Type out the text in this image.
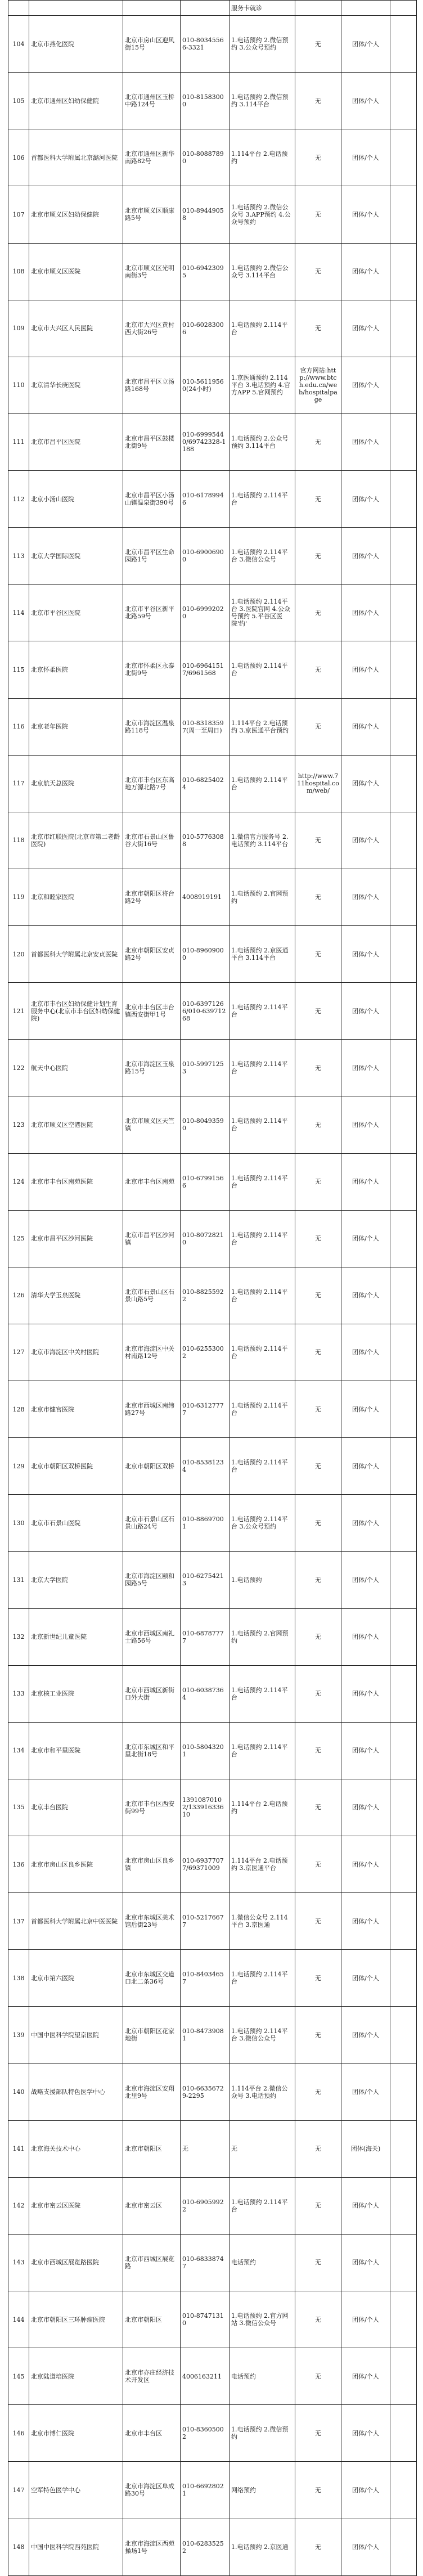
				服务卡就诊			
104	北京市燕化医院	北京市房山区迎风街15号	010-80345566-3321	1.电话预约 2.微信预约 3.公众号预约	无	团体/个人	
105	北京市通州区妇幼保健院	北京市通州区玉桥中路124号	010-81583000	1.电话预约 2.微信预约 3.114平台	无	团体/个人	
106	首都医科大学附属北京潞河医院	北京市通州区新华南路82号	010-80887890	1.114平台 2.电话预约	无	团体/个人	
107	北京市顺义区妇幼保健院	北京市顺义区顺康路5号	010-89449058	1.电话预约 2.微信公众号 3.APP预约 4.公众号预约	无	团体/个人	
108	北京市顺义区医院	北京市顺义区光明南街3号	010-69423095	1.电话预约 2.微信公众号 3.114平台	无	团体/个人	
109	北京市大兴区人民医院	北京市大兴区黄村西大街26号	010-60283006	1.电话预约 2.114平台	无	团体/个人	
110	北京清华长庚医院	北京市昌平区立汤路168号	010-56119560(24小时)	1.京医通预约 2.114平台 3.电话预约 4.官方APP 5.官网预约	官方网站:http://www.btch.edu.cn/web/hospitalpage	团体/个人	
111	北京市昌平区医院	北京市昌平区鼓楼北街9号	010-69995440/69742328-1188	1.电话预约 2.公众号预约 3.114平台	无	团体/个人	
112	北京小汤山医院	北京市昌平区小汤山镇温泉街390号	010-61789946	1.电话预约 2.114平台	无	团体/个人	
113	北京大学国际医院	北京市昌平区生命园路1号	010-69006900	1.电话预约 2.114平台 3.微信公众号	无	团体/个人	
114	北京市平谷区医院	北京市平谷区新平北路59号	010-69992020	1.电话预约 2.114平台 3.医院官网 4.公众号预约 5.平谷区医院'约'	无	团体/个人	
115	北京怀柔医院	北京市怀柔区永泰北街9号	010-69641517/6961568	1.电话预约 2.114平台	无	团体/个人	
116	北京老年医院	北京市海淀区温泉路118号	010-83183597(周一至周日)	1.114平台 2.电话预约 3.京医通平台预约	无	团体/个人	
117	北京航天总医院	北京市丰台区东高地万源北路7号	010-68254024	1.电话预约 2.114平台	http://www.711hospital.com/web/	团体/个人	
118	北京市红联医院(北京市第二老龄医院)	北京市石景山区鲁谷大街16号	010-57763088	1.微信官方服务号 2.电话预约 3.114平台	无	团体/个人	
119	北京和睦家医院	北京市朝阳区将台路2号	4008919191	1.电话预约 2.官网预约	无	团体/个人	
120	首都医科大学附属北京安贞医院	北京市朝阳区安贞路2号	010-89609000	1.电话预约 2.京医通平台 3.114平台	无	团体/个人	
121	北京市丰台区妇幼保健计划生育服务中心(北京市丰台区妇幼保健院)	北京市丰台区丰台镇西安街甲1号	010-63971266/010-63971268	1.电话预约 2.114平台	无	团体/个人	
122	航天中心医院	北京市海淀区玉泉路15号	010-59971253	1.电话预约 2.114平台	无	团体/个人	
123	北京市顺义区空港医院	北京市顺义区天竺镇	010-80493590	1.电话预约 2.114平台	无	团体/个人	
124	北京市丰台区南苑医院	北京市丰台区南苑	010-67991566	1.电话预约 2.114平台	无	团体/个人	
125	北京市昌平区沙河医院	北京市昌平区沙河镇	010-80728210	1.电话预约 2.114平台	无	团体/个人	
126	清华大学玉泉医院	北京市石景山区石景山路5号	010-88255922	1.电话预约 2.114平台	无	团体/个人	
127	北京市海淀区中关村医院	北京市海淀区中关村南路12号	010-62553002	1.电话预约 2.114平台	无	团体/个人	
128	北京市健宫医院	北京市西城区南纬路27号	010-63127777	1.电话预约 2.114平台	无	团体/个人	
129	北京市朝阳区双桥医院	北京市朝阳区双桥	010-85381234	1.电话预约 2.114平台	无	团体/个人	
130	北京市石景山医院	北京市石景山区石景山路24号	010-88697001	1.电话预约 2.114平台 3.公众号预约	无	团体/个人	
131	北京大学医院	北京市海淀区颐和园路5号	010-62754213	1.电话预约	无	团体/个人	
132	北京新世纪儿童医院	北京市西城区南礼士路56号	010-68787777	1.电话预约 2.官网预约	无	团体/个人	
133	北京核工业医院	北京市西城区新街口外大街	010-60387364	1.电话预约 2.114平台	无	团体/个人	
134	北京市和平里医院	北京市东城区和平里北街18号	010-58043201	1.电话预约 2.114平台	无	团体/个人	
135	北京丰台医院	北京市丰台区西安街99号	13910870102/13391633610	1.114平台 2.电话预约	无	团体/个人	
136	北京市房山区良乡医院	北京市房山区良乡镇	010-69377077/69371009	1.114平台 2.电话预约 3.京医通平台	无	团体/个人	
137	首都医科大学附属北京中医医院	北京市东城区美术馆后街23号	010-52176677	1.微信公众号 2.114平台 3.京医通	无	团体/个人	
138	北京市第六医院	北京市东城区交道口北二条36号	010-84034657	1.电话预约 2.114平台	无	团体/个人	
139	中国中医科学院望京医院	北京市朝阳区花家地街	010-84739081	1.电话预约 2.114平台 3.微信公众号	无	团体/个人	
140	战略支援部队特色医学中心	北京市海淀区安翔北里9号	010-66356729-2295	1.114平台 2.微信公众号 3.电话预约	无	团体/个人	
141	北京海关技术中心	北京市朝阳区	无	无	无	团体(海关)	
142	北京市密云区医院	北京市密云区	010-69059922	1.电话预约 2.114平台	无	团体/个人	
143	北京市西城区展览路医院	北京市西城区展览路	010-68338747	电话预约	无	团体/个人	
144	北京市朝阳区三环肿瘤医院	北京市朝阳区	010-87471310	1.电话预约 2.官方网站 3.微信公众号	无	团体/个人	
145	北京陆道培医院	北京市亦庄经济技术开发区	4006163211	电话预约	无	团体/个人	
146	北京市博仁医院	北京市丰台区	010-83605002	1.电话预约 2.微信预约	无	团体/个人	
147	空军特色医学中心	北京市海淀区阜成路30号	010-66928021	网络预约	无	团体/个人	
148	中国中医科学院西苑医院	北京市海淀区西苑操场1号	010-62835252	1.电话预约 2.京医通	无	团体/个人	
